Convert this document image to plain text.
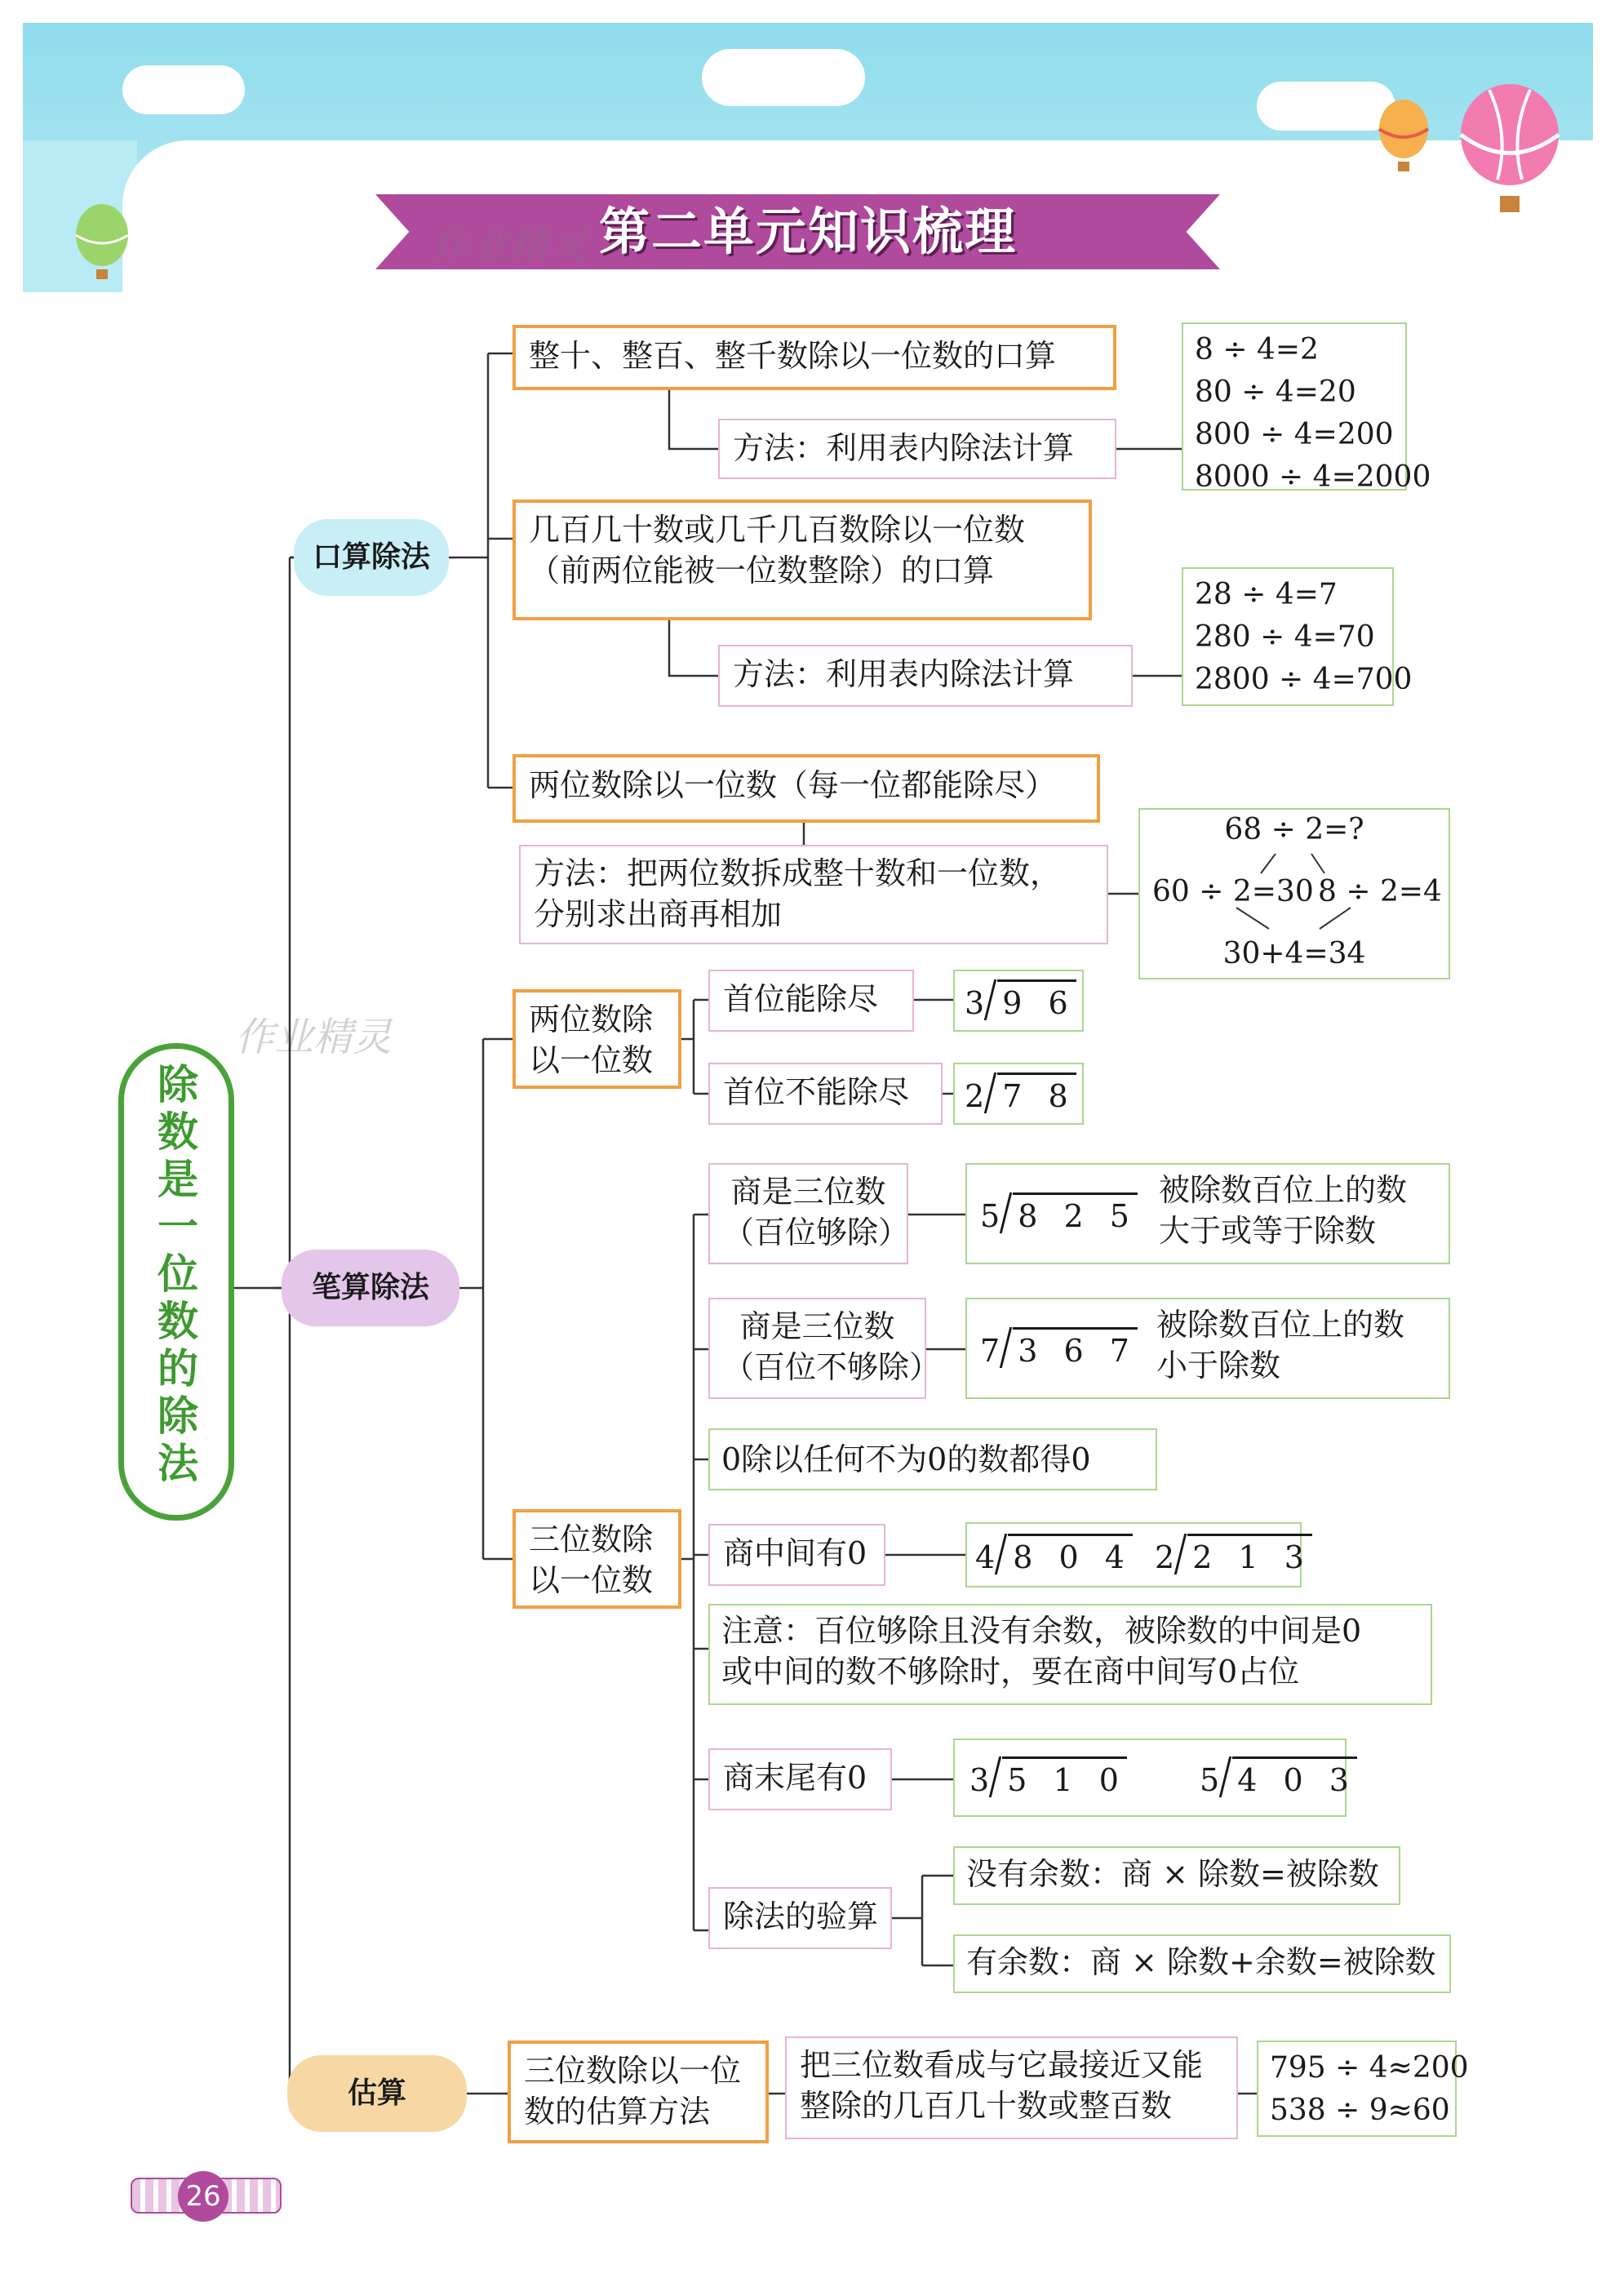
第二单元知识梳理
作业精灵
作业精灵
除数是一位数的除法
口算除法
笔算除法
估算
整十、整百、整千数除以一位数的口算
方法：利用表内除法计算
8 ÷ 4=2
80 ÷ 4=20
800 ÷ 4=200
8000 ÷ 4=2000
几百几十数或几千几百数除以一位数
（前两位能被一位数整除）的口算
方法：利用表内除法计算
28 ÷ 4=7
280 ÷ 4=70
2800 ÷ 4=700
两位数除以一位数（每一位都能除尽）
方法：把两位数拆成整十数和一位数，
分别求出商再相加
68 ÷ 2=?
60 ÷ 2=30 8 ÷ 2=4
30+4=34
两位数除
以一位数
首位能除尽	3 9 6
首位不能除尽	2 7 8
三位数除
以一位数
商是三位数
（百位够除） 5 8 2 5
被除数百位上的数
大于或等于除数
商是三位数
（百位不够除） 7 3 6 7
被除数百位上的数
小于除数
0除以任何不为0的数都得0
商中间有0	4 8 0 4 2 2 1 3
注意：百位够除且没有余数，被除数的中间是0
或中间的数不够除时，要在商中间写0占位
商末尾有0	3 5 1 0 5 4 0 3
除法的验算
没有余数：商 × 除数=被除数
有余数：商 × 除数+余数=被除数
三位数除以一位
数的估算方法
把三位数看成与它最接近又能
整除的几百几十数或整百数
795 ÷ 4≈200
538 ÷ 9≈60
26
